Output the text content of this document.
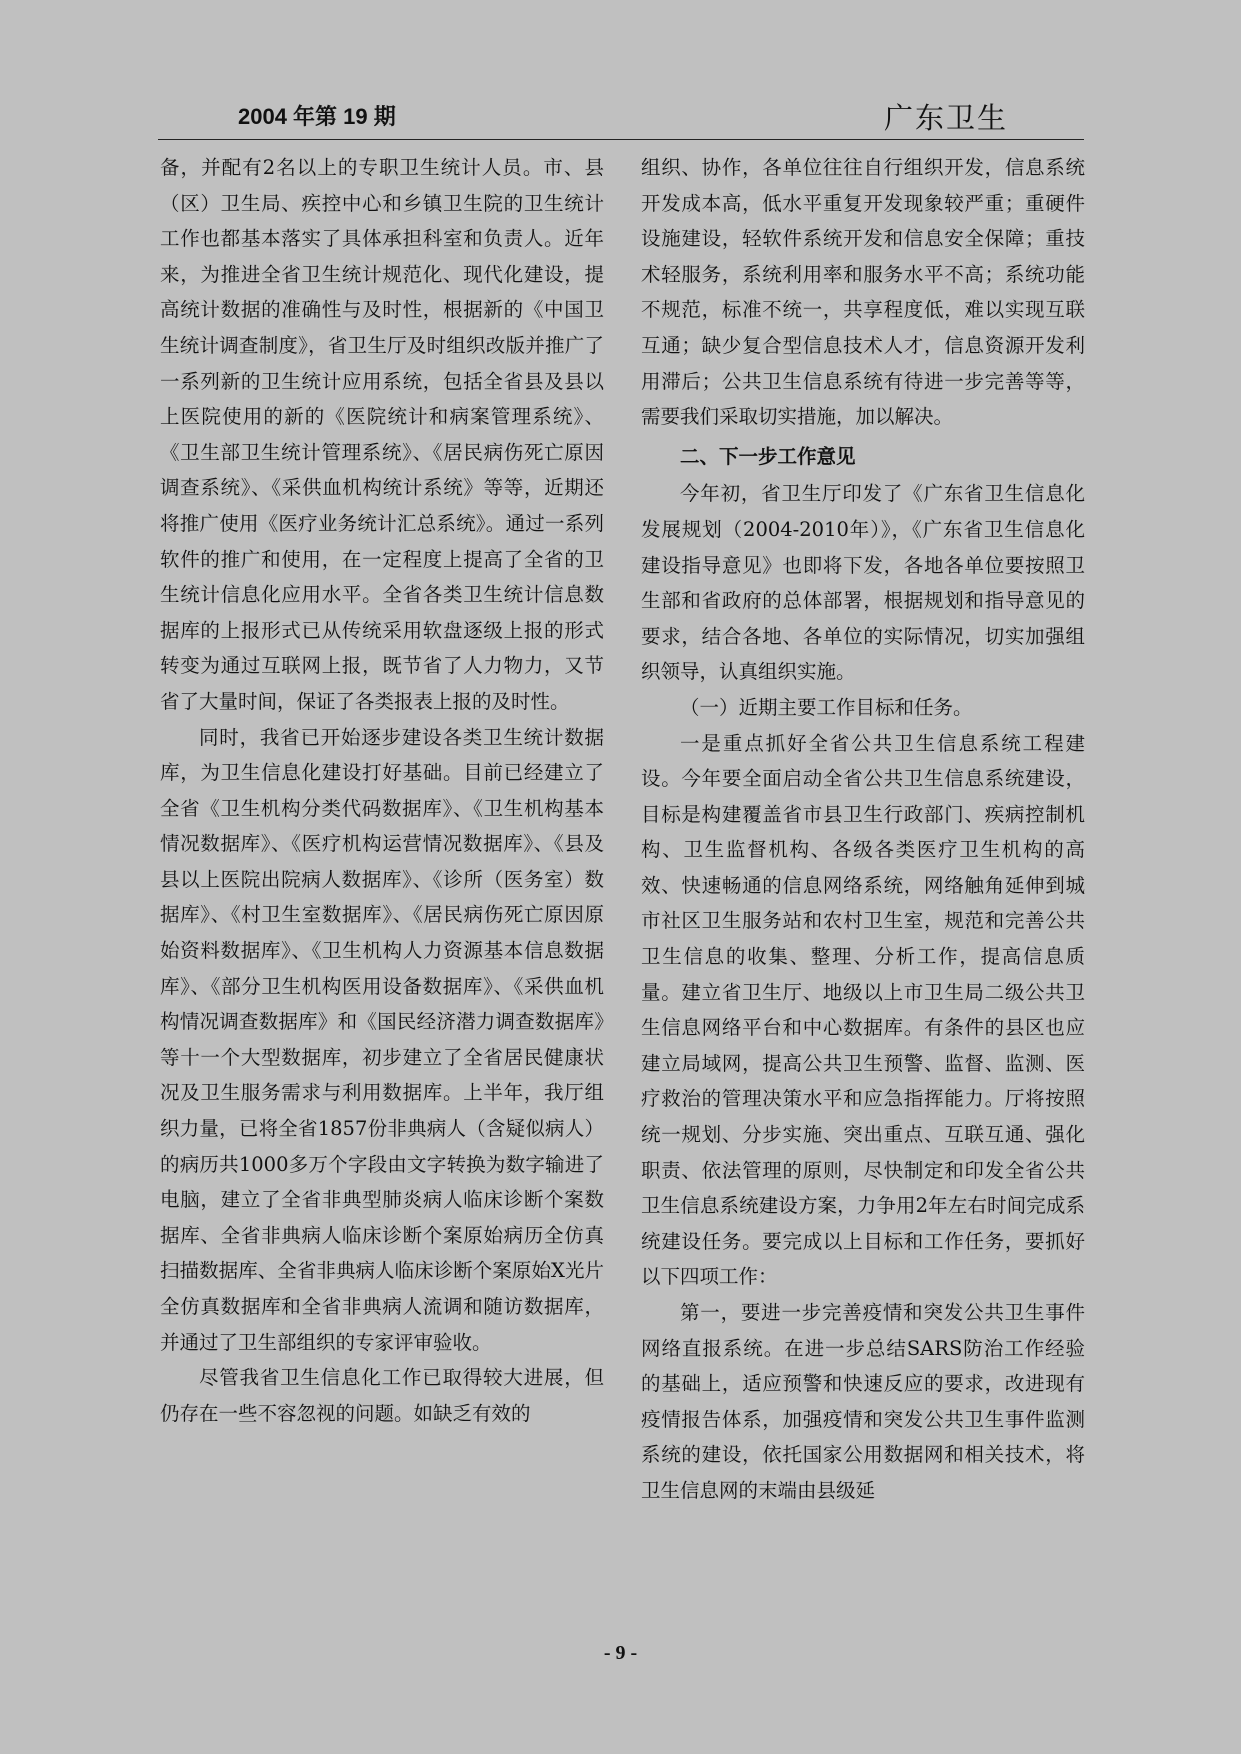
2004 年第 19 期	广东卫生

备，并配有2名以上的专职卫生统计人员。市、县（区）卫生局、疾控中心和乡镇卫生院的卫生统计工作也都基本落实了具体承担科室和负责人。近年来，为推进全省卫生统计规范化、现代化建设，提高统计数据的准确性与及时性，根据新的《中国卫生统计调查制度》，省卫生厅及时组织改版并推广了一系列新的卫生统计应用系统，包括全省县及县以上医院使用的新的《医院统计和病案管理系统》、《卫生部卫生统计管理系统》、《居民病伤死亡原因调查系统》、《采供血机构统计系统》等等，近期还将推广使用《医疗业务统计汇总系统》。通过一系列软件的推广和使用，在一定程度上提高了全省的卫生统计信息化应用水平。全省各类卫生统计信息数据库的上报形式已从传统采用软盘逐级上报的形式转变为通过互联网上报，既节省了人力物力，又节省了大量时间，保证了各类报表上报的及时性。

同时，我省已开始逐步建设各类卫生统计数据库，为卫生信息化建设打好基础。目前已经建立了全省《卫生机构分类代码数据库》、《卫生机构基本情况数据库》、《医疗机构运营情况数据库》、《县及县以上医院出院病人数据库》、《诊所（医务室）数据库》、《村卫生室数据库》、《居民病伤死亡原因原始资料数据库》、《卫生机构人力资源基本信息数据库》、《部分卫生机构医用设备数据库》、《采供血机构情况调查数据库》和《国民经济潜力调查数据库》等十一个大型数据库，初步建立了全省居民健康状况及卫生服务需求与利用数据库。上半年，我厅组织力量，已将全省1857份非典病人（含疑似病人）的病历共1000多万个字段由文字转换为数字输进了电脑，建立了全省非典型肺炎病人临床诊断个案数据库、全省非典病人临床诊断个案原始病历全仿真扫描数据库、全省非典病人临床诊断个案原始X光片全仿真数据库和全省非典病人流调和随访数据库，并通过了卫生部组织的专家评审验收。

尽管我省卫生信息化工作已取得较大进展，但仍存在一些不容忽视的问题。如缺乏有效的

组织、协作，各单位往往自行组织开发，信息系统开发成本高，低水平重复开发现象较严重；重硬件设施建设，轻软件系统开发和信息安全保障；重技术轻服务，系统利用率和服务水平不高；系统功能不规范，标准不统一，共享程度低，难以实现互联互通；缺少复合型信息技术人才，信息资源开发利用滞后；公共卫生信息系统有待进一步完善等等，需要我们采取切实措施，加以解决。

二、下一步工作意见

今年初，省卫生厅印发了《广东省卫生信息化发展规划（2004-2010年）》，《广东省卫生信息化建设指导意见》也即将下发，各地各单位要按照卫生部和省政府的总体部署，根据规划和指导意见的要求，结合各地、各单位的实际情况，切实加强组织领导，认真组织实施。

（一）近期主要工作目标和任务。

一是重点抓好全省公共卫生信息系统工程建设。今年要全面启动全省公共卫生信息系统建设，目标是构建覆盖省市县卫生行政部门、疾病控制机构、卫生监督机构、各级各类医疗卫生机构的高效、快速畅通的信息网络系统，网络触角延伸到城市社区卫生服务站和农村卫生室，规范和完善公共卫生信息的收集、整理、分析工作，提高信息质量。建立省卫生厅、地级以上市卫生局二级公共卫生信息网络平台和中心数据库。有条件的县区也应建立局域网，提高公共卫生预警、监督、监测、医疗救治的管理决策水平和应急指挥能力。厅将按照统一规划、分步实施、突出重点、互联互通、强化职责、依法管理的原则，尽快制定和印发全省公共卫生信息系统建设方案，力争用2年左右时间完成系统建设任务。要完成以上目标和工作任务，要抓好以下四项工作：

第一，要进一步完善疫情和突发公共卫生事件网络直报系统。在进一步总结SARS防治工作经验的基础上，适应预警和快速反应的要求，改进现有疫情报告体系，加强疫情和突发公共卫生事件监测系统的建设，依托国家公用数据网和相关技术，将卫生信息网的末端由县级延

- 9 -
